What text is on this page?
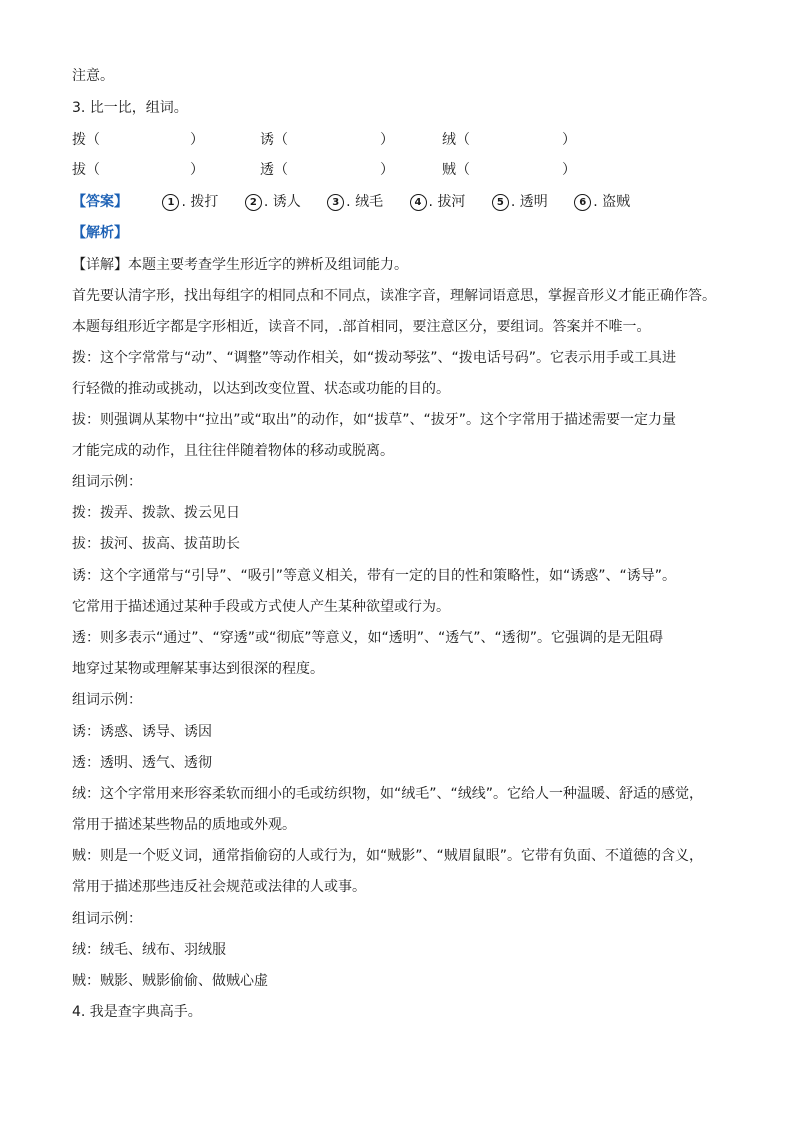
注意。
3. 比一比，组词。
拨（	）	诱（	）	绒（	）
拔（	）	透（	）	贼（	）
【答案】	1 . 拨打	2 . 诱人	3 . 绒毛	4 . 拔河	5 . 透明	6 . 盗贼
【解析】
【详解】本题主要考查学生形近字的辨析及组词能力。
首先要认清字形，找出每组字的相同点和不同点，读准字音，理解词语意思，掌握音形义才能正确作答。
本题每组形近字都是字形相近，读音不同，.部首相同，要注意区分，要组词。答案并不唯一。
拨：这个字常常与“动”、“调整”等动作相关，如“拨动琴弦”、“拨电话号码”。它表示用手或工具进
行轻微的推动或挑动，以达到改变位置、状态或功能的目的。
拔：则强调从某物中“拉出”或“取出”的动作，如“拔草”、“拔牙”。这个字常用于描述需要一定力量
才能完成的动作，且往往伴随着物体的移动或脱离。
组词示例：
拨：拨弄、拨款、拨云见日
拔：拔河、拔高、拔苗助长
诱：这个字通常与“引导”、“吸引”等意义相关，带有一定的目的性和策略性，如“诱惑”、“诱导”。
它常用于描述通过某种手段或方式使人产生某种欲望或行为。
透：则多表示“通过”、“穿透”或“彻底”等意义，如“透明”、“透气”、“透彻”。它强调的是无阻碍
地穿过某物或理解某事达到很深的程度。
组词示例：
诱：诱惑、诱导、诱因
透：透明、透气、透彻
绒：这个字常用来形容柔软而细小的毛或纺织物，如“绒毛”、“绒线”。它给人一种温暖、舒适的感觉，
常用于描述某些物品的质地或外观。
贼：则是一个贬义词，通常指偷窃的人或行为，如“贼影”、“贼眉鼠眼”。它带有负面、不道德的含义，
常用于描述那些违反社会规范或法律的人或事。
组词示例：
绒：绒毛、绒布、羽绒服
贼：贼影、贼影偷偷、做贼心虚
4. 我是查字典高手。
